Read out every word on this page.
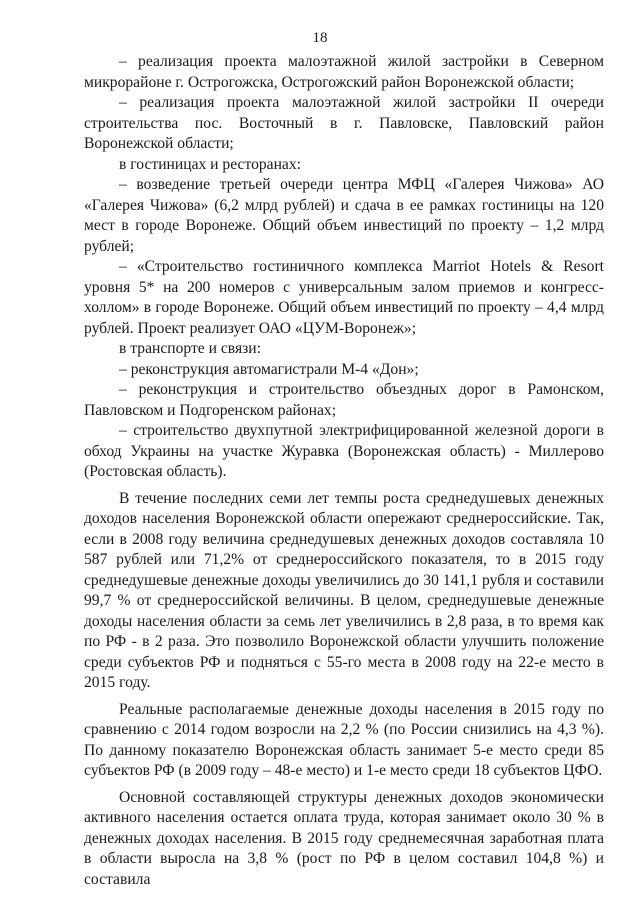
18

– реализация проекта малоэтажной жилой застройки в Северном микрорайоне г. Острогожска, Острогожский район Воронежской области;

– реализация проекта малоэтажной жилой застройки II очереди строительства пос. Восточный в г. Павловске, Павловский район Воронежской области;

в гостиницах и ресторанах:

– возведение третьей очереди центра МФЦ «Галерея Чижова» АО «Галерея Чижова» (6,2 млрд рублей) и сдача в ее рамках гостиницы на 120 мест в городе Воронеже. Общий объем инвестиций по проекту – 1,2 млрд рублей;

– «Строительство гостиничного комплекса Marriot Hotels & Resort уровня 5* на 200 номеров с универсальным залом приемов и конгресс-холлом» в городе Воронеже. Общий объем инвестиций по проекту – 4,4 млрд рублей. Проект реализует ОАО «ЦУМ-Воронеж»;

в транспорте и связи:

– реконструкция автомагистрали М-4 «Дон»;

– реконструкция и строительство объездных дорог в Рамонском, Павловском и Подгоренском районах;

– строительство двухпутной электрифицированной железной дороги в обход Украины на участке Журавка (Воронежская область) - Миллерово (Ростовская область).

В течение последних семи лет темпы роста среднедушевых денежных доходов населения Воронежской области опережают среднероссийские. Так, если в 2008 году величина среднедушевых денежных доходов составляла 10 587 рублей или 71,2% от среднероссийского показателя, то в 2015 году среднедушевые денежные доходы увеличились до 30 141,1 рубля и составили 99,7 % от среднероссийской величины. В целом, среднедушевые денежные доходы населения области за семь лет увеличились в 2,8 раза, в то время как по РФ - в 2 раза. Это позволило Воронежской области улучшить положение среди субъектов РФ и подняться с 55-го места в 2008 году на 22-е место в 2015 году.

Реальные располагаемые денежные доходы населения в 2015 году по сравнению с 2014 годом возросли на 2,2 % (по России снизились на 4,3 %). По данному показателю Воронежская область занимает 5-е место среди 85 субъектов РФ (в 2009 году – 48-е место) и 1-е место среди 18 субъектов ЦФО.

Основной составляющей структуры денежных доходов экономически активного населения остается оплата труда, которая занимает около 30 % в денежных доходах населения. В 2015 году среднемесячная заработная плата в области выросла на 3,8 % (рост по РФ в целом составил 104,8 %) и составила
